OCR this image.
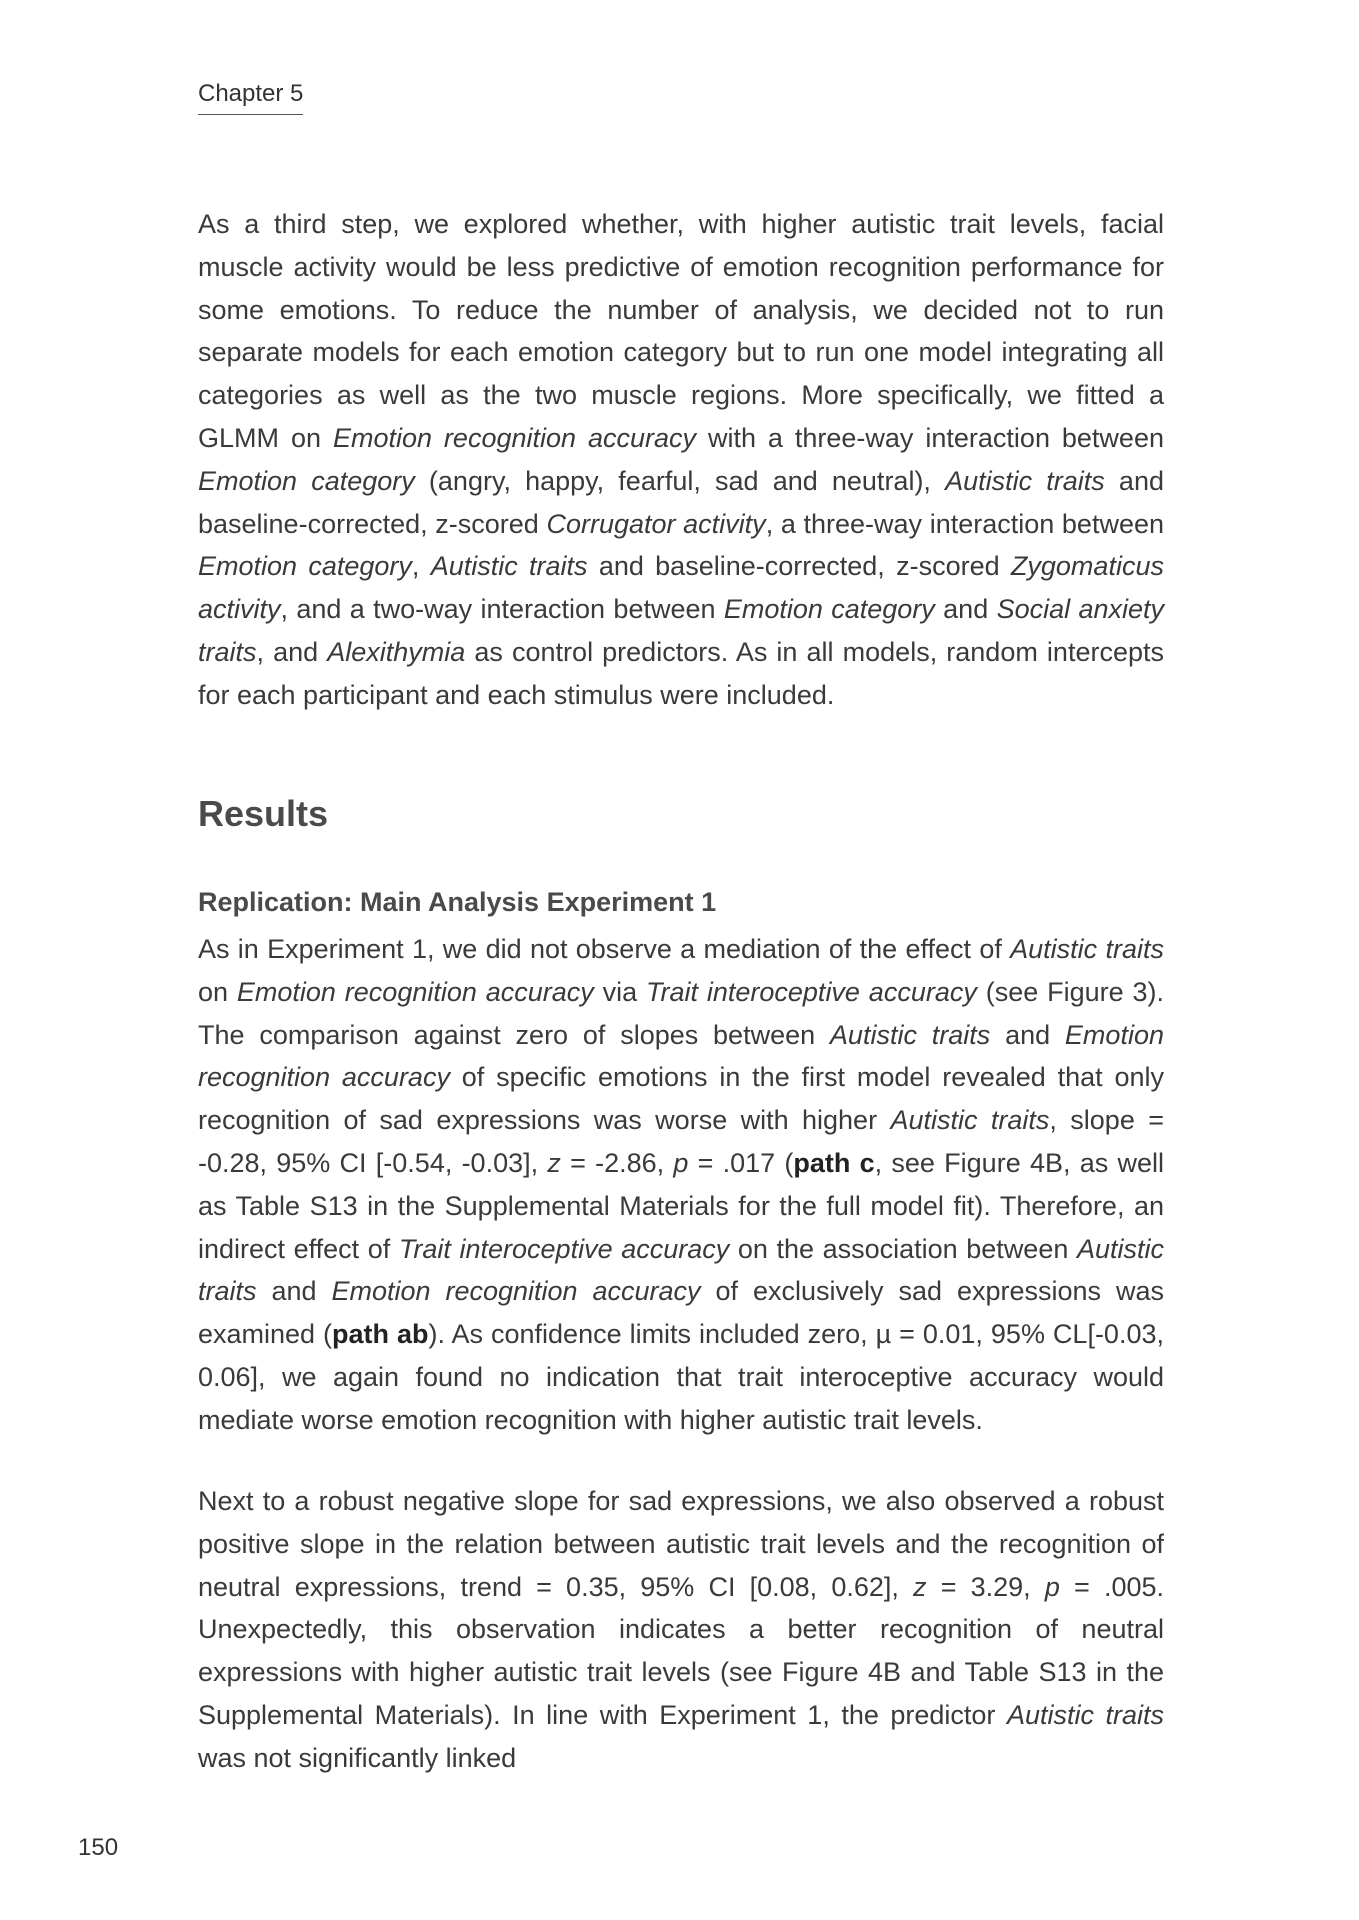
Chapter 5
As a third step, we explored whether, with higher autistic trait levels, facial muscle activity would be less predictive of emotion recognition performance for some emotions. To reduce the number of analysis, we decided not to run separate models for each emotion category but to run one model integrating all categories as well as the two muscle regions. More specifically, we fitted a GLMM on Emotion recognition accuracy with a three-way interaction between Emotion category (angry, happy, fearful, sad and neutral), Autistic traits and baseline-corrected, z-scored Corrugator activity, a three-way interaction between Emotion category, Autistic traits and baseline-corrected, z-scored Zygomaticus activity, and a two-way interaction between Emotion category and Social anxiety traits, and Alexithymia as control predictors. As in all models, random intercepts for each participant and each stimulus were included.
Results
Replication: Main Analysis Experiment 1
As in Experiment 1, we did not observe a mediation of the effect of Autistic traits on Emotion recognition accuracy via Trait interoceptive accuracy (see Figure 3). The comparison against zero of slopes between Autistic traits and Emotion recognition accuracy of specific emotions in the first model revealed that only recognition of sad expressions was worse with higher Autistic traits, slope = -0.28, 95% CI [-0.54, -0.03], z = -2.86, p = .017 (path c, see Figure 4B, as well as Table S13 in the Supplemental Materials for the full model fit). Therefore, an indirect effect of Trait interoceptive accuracy on the association between Autistic traits and Emotion recognition accuracy of exclusively sad expressions was examined (path ab). As confidence limits included zero, µ = 0.01, 95% CL[-0.03, 0.06], we again found no indication that trait interoceptive accuracy would mediate worse emotion recognition with higher autistic trait levels.
Next to a robust negative slope for sad expressions, we also observed a robust positive slope in the relation between autistic trait levels and the recognition of neutral expressions, trend = 0.35, 95% CI [0.08, 0.62], z = 3.29, p = .005. Unexpectedly, this observation indicates a better recognition of neutral expressions with higher autistic trait levels (see Figure 4B and Table S13 in the Supplemental Materials). In line with Experiment 1, the predictor Autistic traits was not significantly linked
150
